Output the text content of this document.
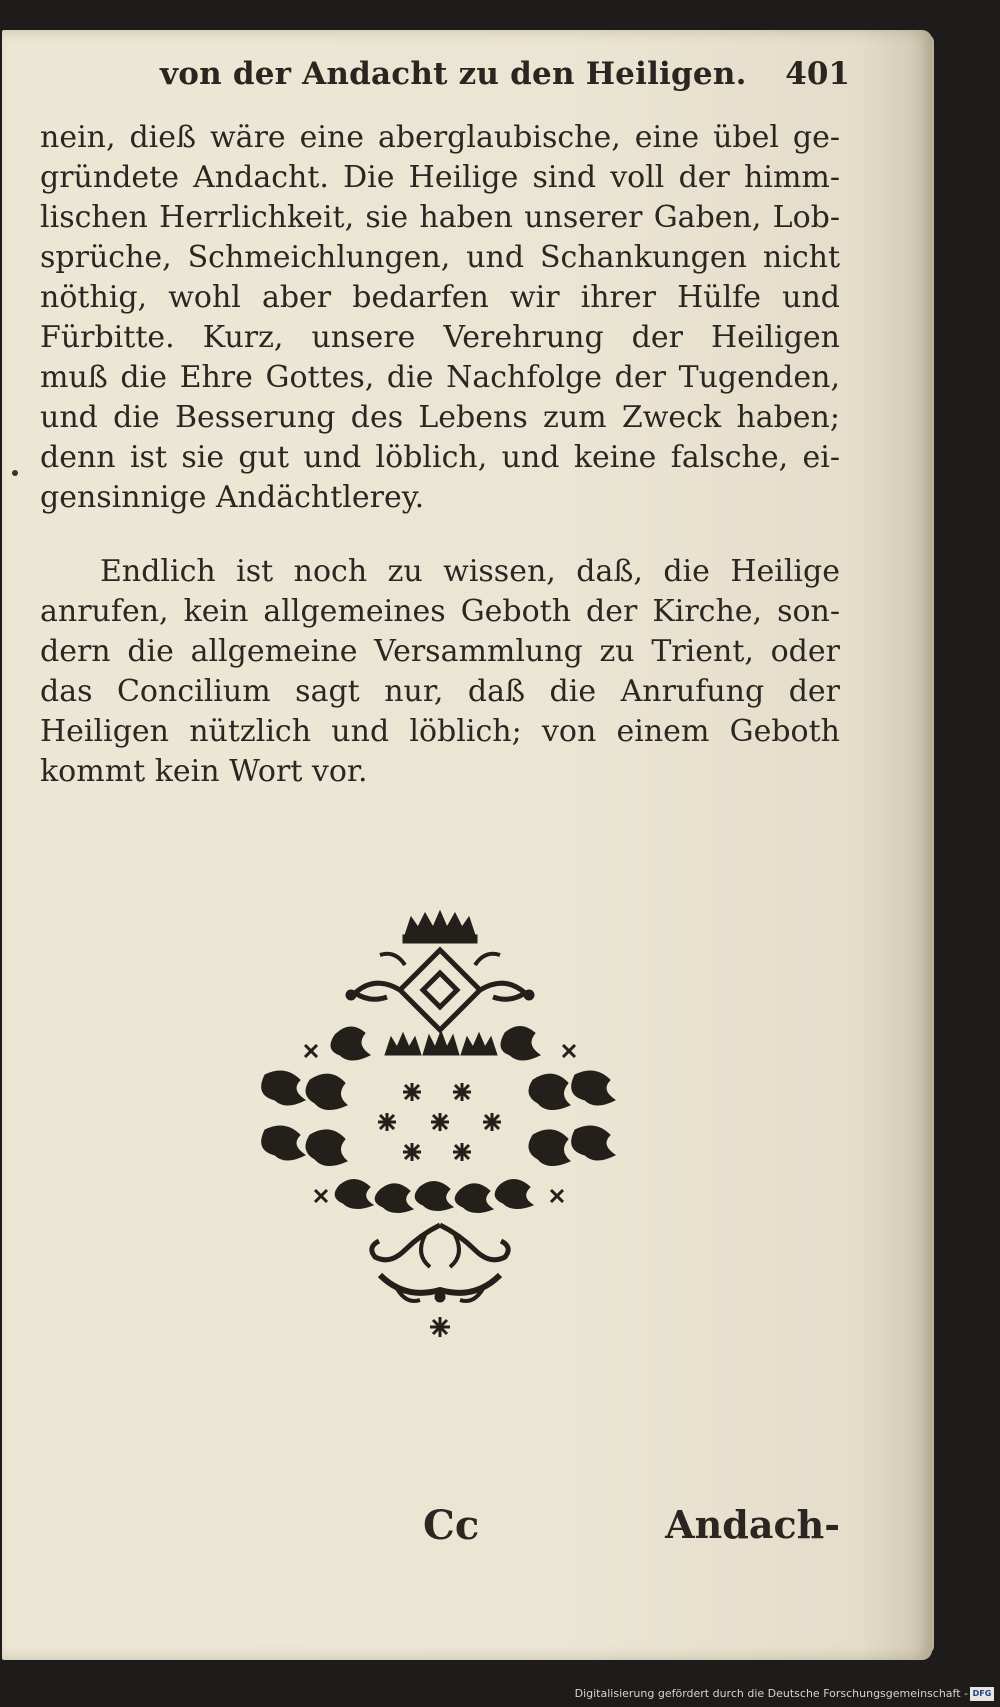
von der Andacht zu den Heiligen. 401

nein, dieß wäre eine aberglaubische, eine übel ge-

gründete Andacht. Die Heilige sind voll der himm-

lischen Herrlichkeit, sie haben unserer Gaben, Lob-

sprüche, Schmeichlungen, und Schankungen nicht

nöthig, wohl aber bedarfen wir ihrer Hülfe und

Fürbitte. Kurz, unsere Verehrung der Heiligen

muß die Ehre Gottes, die Nachfolge der Tugenden,

und die Besserung des Lebens zum Zweck haben;

denn ist sie gut und löblich, und keine falsche, ei-

gensinnige Andächtlerey.

Endlich ist noch zu wissen, daß, die Heilige

anrufen, kein allgemeines Geboth der Kirche, son-

dern die allgemeine Versammlung zu Trient, oder

das Concilium sagt nur, daß die Anrufung der

Heiligen nützlich und löblich; von einem Geboth

kommt kein Wort vor.

Cc	Andach-
Digitalisierung gefördert durch die Deutsche Forschungsgemeinschaft - DFG
